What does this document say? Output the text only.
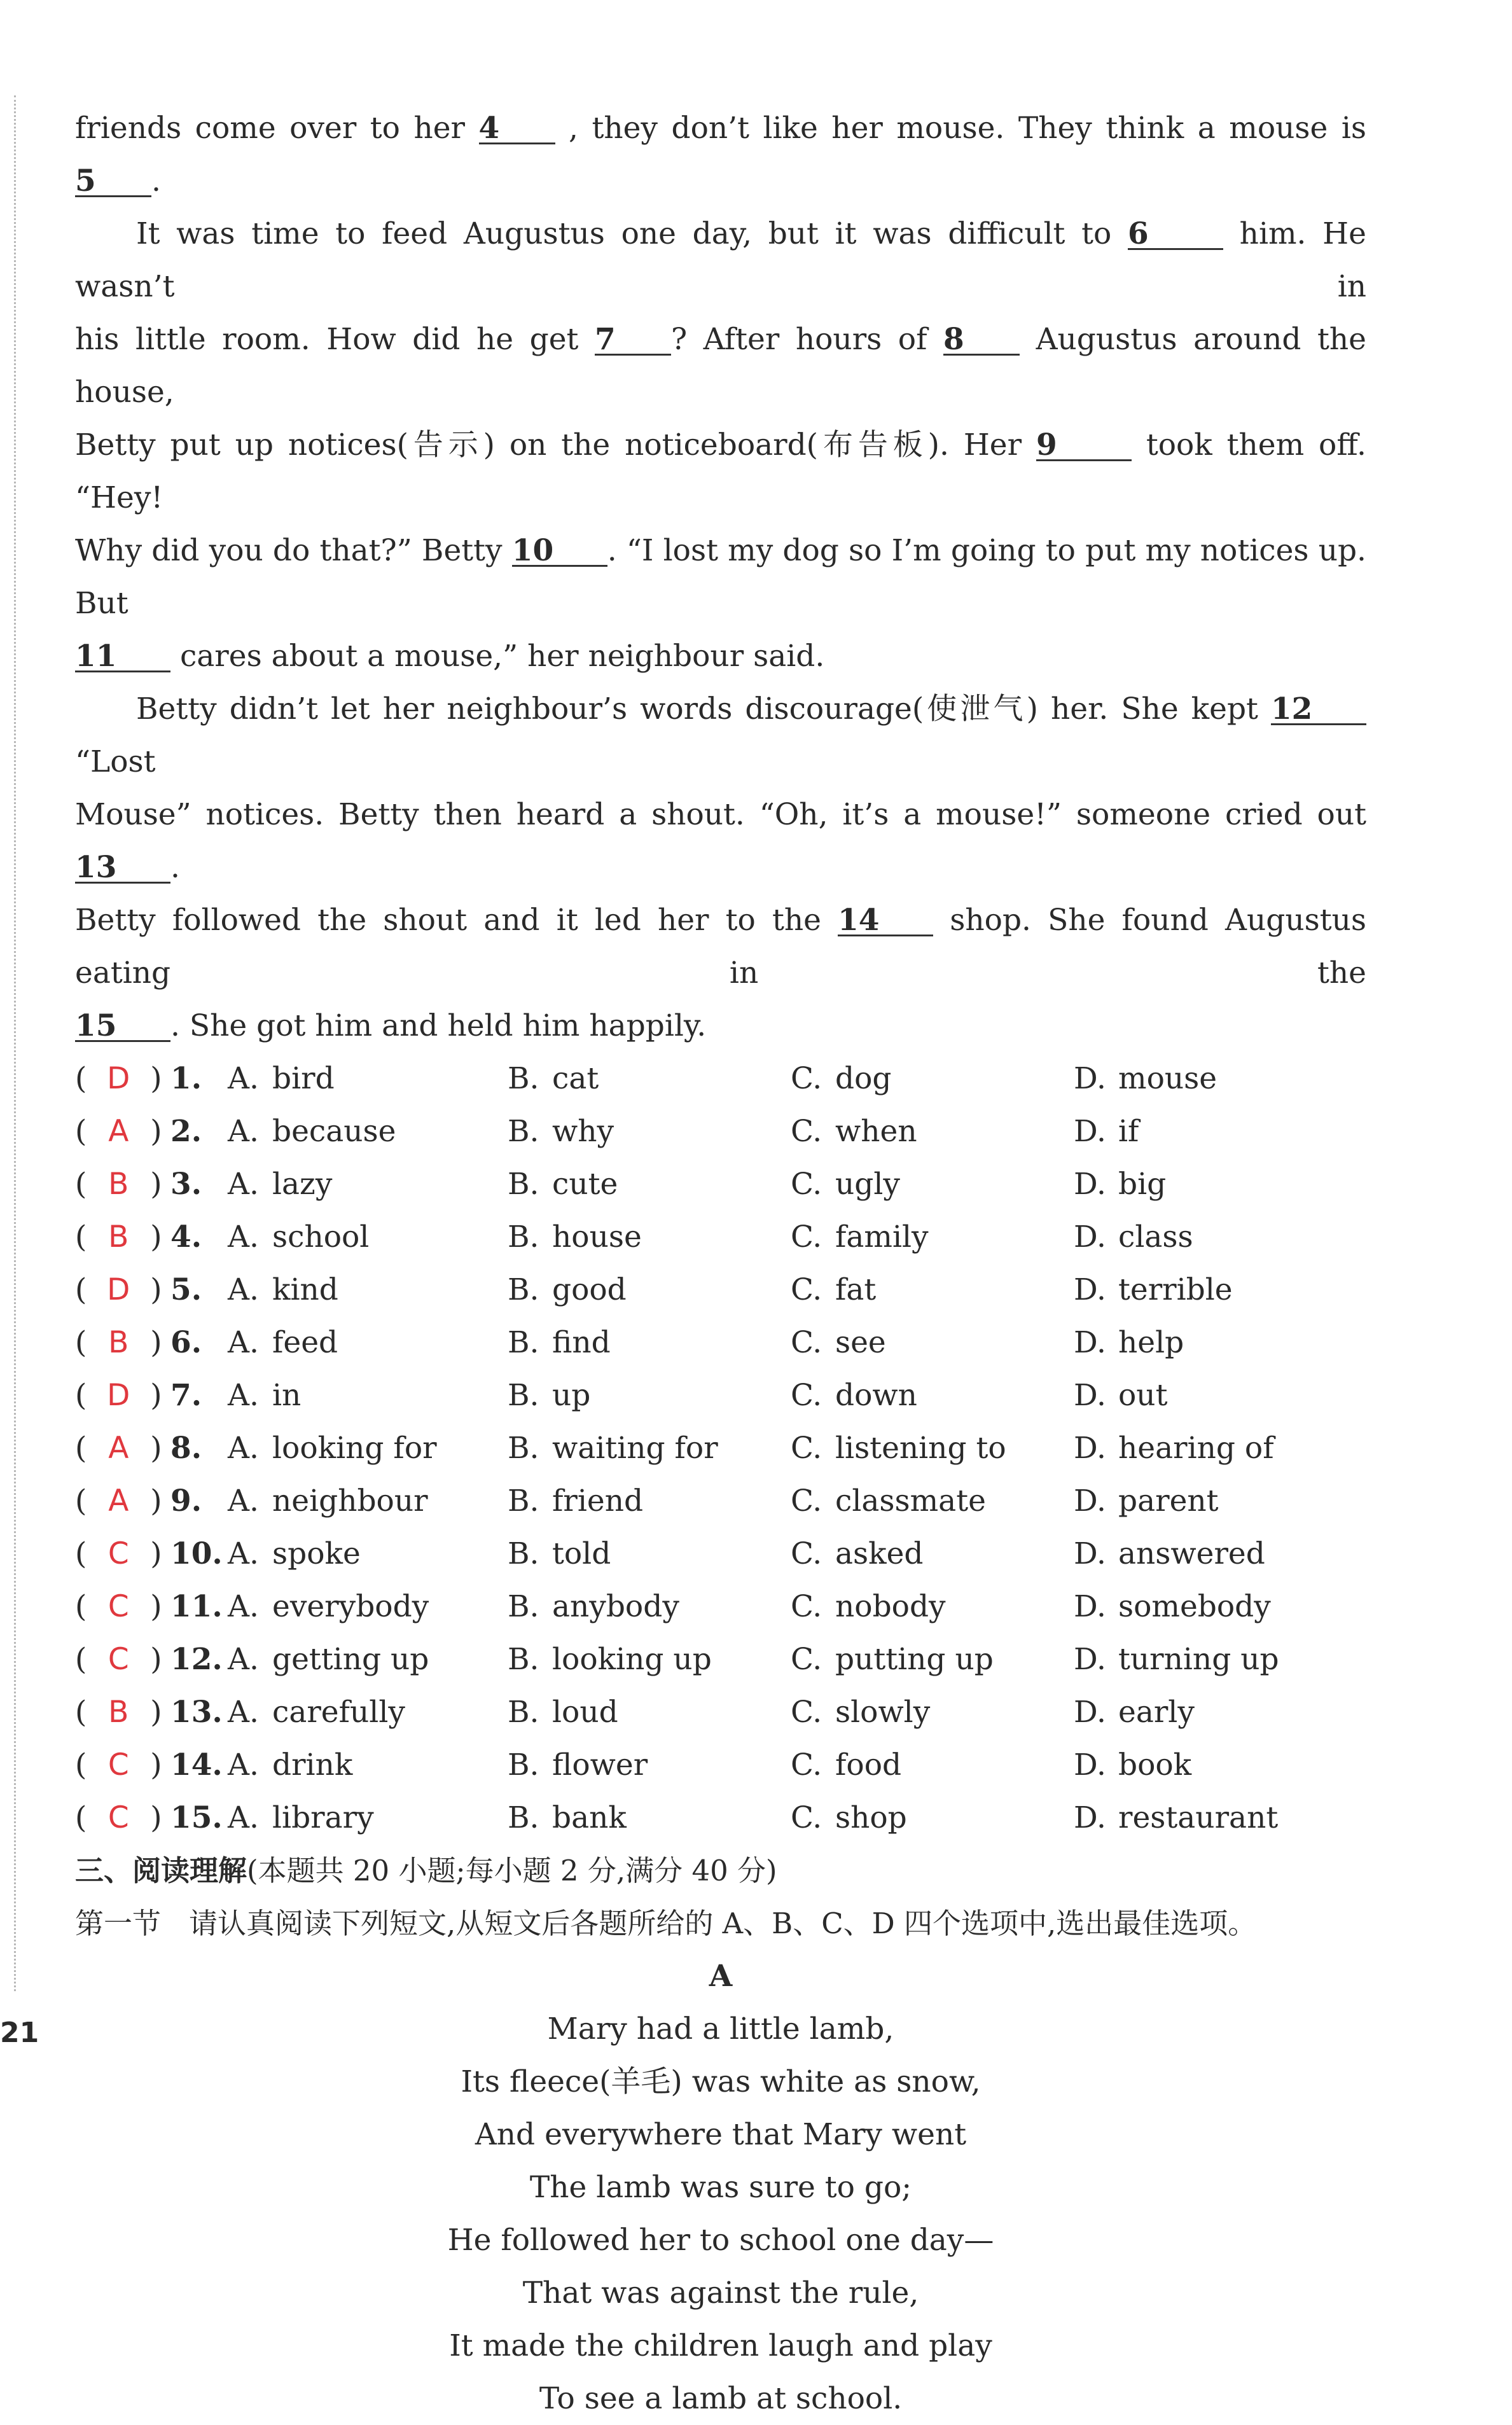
friends come over to her 4 , they don’t like her mouse. They think a mouse is 5 .

It was time to feed Augustus one day, but it was difficult to 6	him. He wasn’t in

his little room. How did he get 7 ? After hours of 8 Augustus around the house,

Betty put up notices(告示) on the noticeboard(布告板). Her 9	took them off. “Hey!

Why did you do that?” Betty 10 . “I lost my dog so I’m going to put my notices up. But

11 cares about a mouse,” her neighbour said.

Betty didn’t let her neighbour’s words discourage(使泄气) her. She kept 12 “Lost

Mouse” notices. Betty then heard a shout. “Oh, it’s a mouse!” someone cried out 13 .

Betty followed the shout and it led her to the 14 shop. She found Augustus eating in the

15 . She got him and held him happily.

( D ) 1. A. bird	B. cat	C. dog	D. mouse
( A ) 2. A. because	B. why	C. when	D. if
( B ) 3. A. lazy	B. cute	C. ugly	D. big
( B ) 4. A. school	B. house	C. family	D. class
( D ) 5. A. kind	B. good	C. fat	D. terrible
( B ) 6. A. feed	B. find	C. see	D. help
( D ) 7. A. in	B. up	C. down	D. out
( A ) 8. A. looking for B. waiting for C. listening to D. hearing of
( A ) 9. A. neighbour	B. friend	C. classmate	D. parent
( C ) 10. A. spoke	B. told	C. asked	D. answered
( C ) 11. A. everybody	B. anybody	C. nobody	D. somebody
( C ) 12. A. getting up	B. looking up	C. putting up	D. turning up
( B ) 13. A. carefully	B. loud	C. slowly	D. early
( C ) 14. A. drink	B. flower	C. food	D. book
( C ) 15. A. library	B. bank	C. shop	D. restaurant

三、阅读理解(本题共 20 小题;每小题 2 分,满分 40 分)

第一节 请认真阅读下列短文,从短文后各题所给的 A、B、C、D 四个选项中,选出最佳选项。

A

Mary had a little lamb,

Its fleece(羊毛) was white as snow,

And everywhere that Mary went

The lamb was sure to go;

He followed her to school one day—

That was against the rule,

It made the children laugh and play

To see a lamb at school.

21
